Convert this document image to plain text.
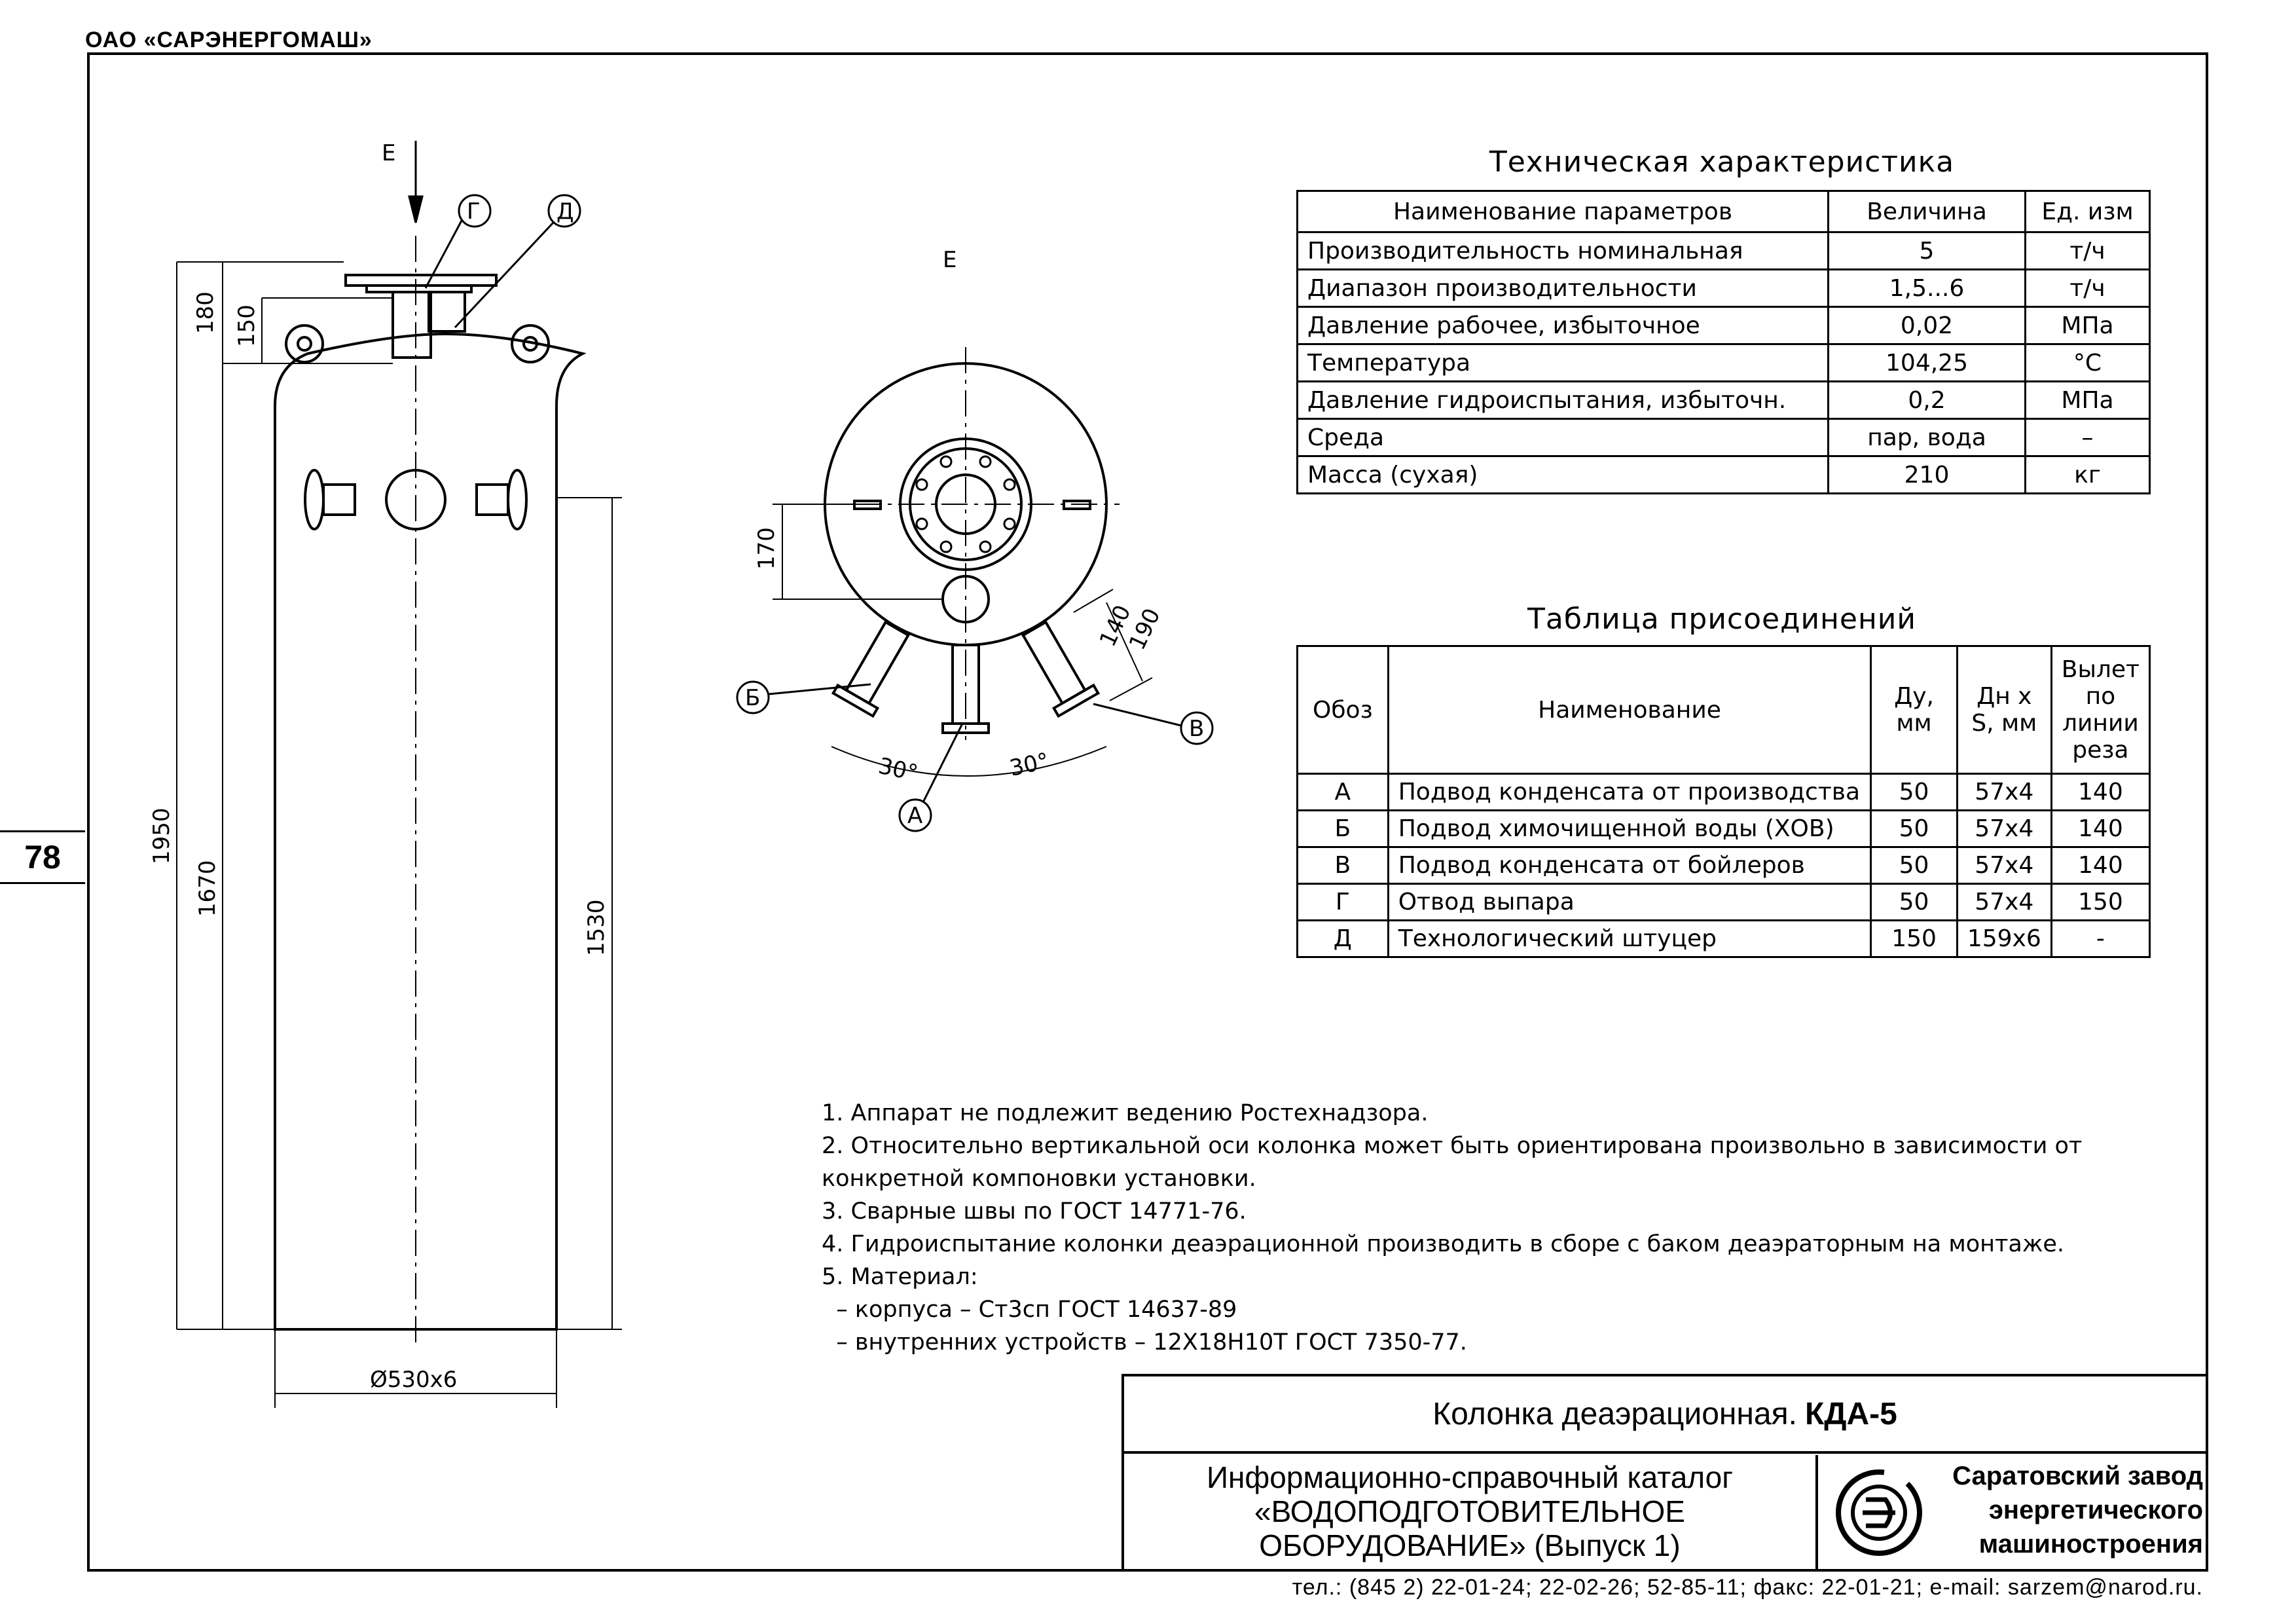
ОАО «САРЭНЕРГОМАШ»
78
Е
Г	Д
180 150
1950
1670
1530
Ø530x6
Е
170
140
190
30°	30°
Б
А
В
Техническая характеристика
Наименование параметров	Величина	Ед. изм
Производительность номинальная	5	т/ч
Диапазон производительности	1,5...6	т/ч
Давление рабочее, избыточное	0,02	МПа
Температура	104,25	°С
Давление гидроиспытания, избыточн.	0,2	МПа
Среда	пар, вода	–
Масса (сухая)	210	кг
Таблица присоединений
Обоз	Наименование	Ду, мм	Дн х S, мм	Вылет по линии реза
А	Подвод конденсата от производства	50	57х4	140
Б	Подвод химочищенной воды (ХОВ)	50	57х4	140
В	Подвод конденсата от бойлеров	50	57х4	140
Г	Отвод выпара	50	57х4	150
Д	Технологический штуцер	150	159х6	-
1. Аппарат не подлежит ведению Ростехнадзора.
2. Относительно вертикальной оси колонка может быть ориентирована произвольно в зависимости от
конкретной компоновки установки.
3. Сварные швы по ГОСТ 14771-76.
4. Гидроиспытание колонки деаэрационной производить в сборе с баком деаэраторным на монтаже.
5. Материал:
– корпуса – Ст3сп ГОСТ 14637-89
– внутренних устройств – 12Х18Н10Т ГОСТ 7350-77.
Колонка деаэрационная. КДА-5
Информационно-справочный каталог
«ВОДОПОДГОТОВИТЕЛЬНОЕ
ОБОРУДОВАНИЕ» (Выпуск 1)
Саратовский завод
энергетического
машиностроения
тел.: (845 2) 22-01-24; 22-02-26; 52-85-11; факс: 22-01-21; e-mail: sarzem@narod.ru.
